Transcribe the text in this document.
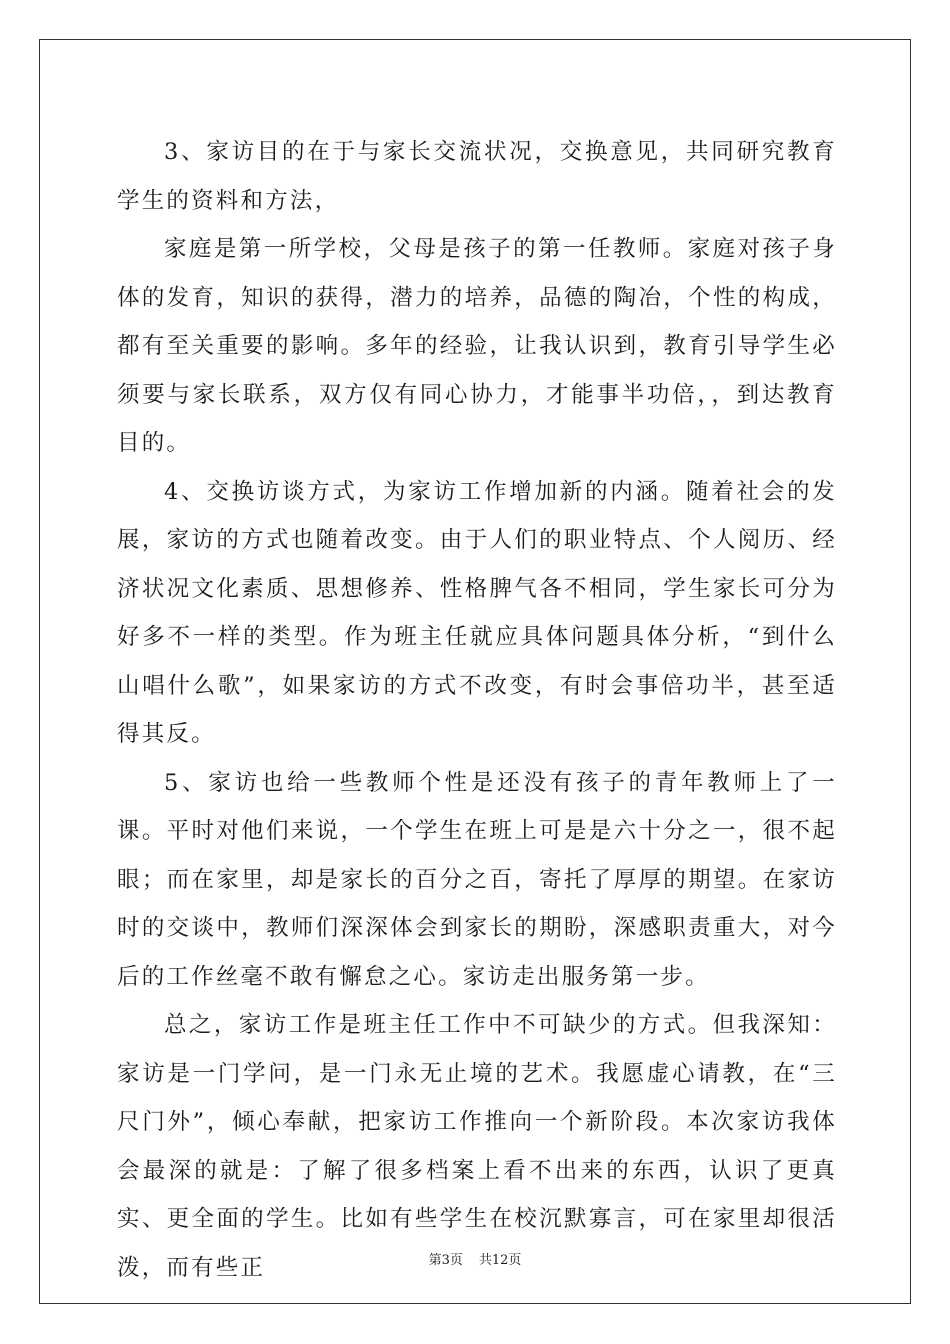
3、家访目的在于与家长交流状况，交换意见，共同研究教育学生的资料和方法，

家庭是第一所学校，父母是孩子的第一任教师。家庭对孩子身体的发育，知识的获得，潜力的培养，品德的陶冶，个性的构成，都有至关重要的影响。多年的经验，让我认识到，教育引导学生必须要与家长联系，双方仅有同心协力，才能事半功倍，，到达教育目的。

4、交换访谈方式，为家访工作增加新的内涵。随着社会的发展，家访的方式也随着改变。由于人们的职业特点、个人阅历、经济状况文化素质、思想修养、性格脾气各不相同，学生家长可分为好多不一样的类型。作为班主任就应具体问题具体分析，“到什么山唱什么歌”，如果家访的方式不改变，有时会事倍功半，甚至适得其反。

5、家访也给一些教师个性是还没有孩子的青年教师上了一课。平时对他们来说，一个学生在班上可是是六十分之一，很不起眼；而在家里，却是家长的百分之百，寄托了厚厚的期望。在家访时的交谈中，教师们深深体会到家长的期盼，深感职责重大，对今后的工作丝毫不敢有懈怠之心。家访走出服务第一步。

总之，家访工作是班主任工作中不可缺少的方式。但我深知：家访是一门学问，是一门永无止境的艺术。我愿虚心请教，在“三尺门外”，倾心奉献，把家访工作推向一个新阶段。本次家访我体会最深的就是：了解了很多档案上看不出来的东西，认识了更真实、更全面的学生。比如有些学生在校沉默寡言，可在家里却很活泼，而有些正	第3页 共12页
